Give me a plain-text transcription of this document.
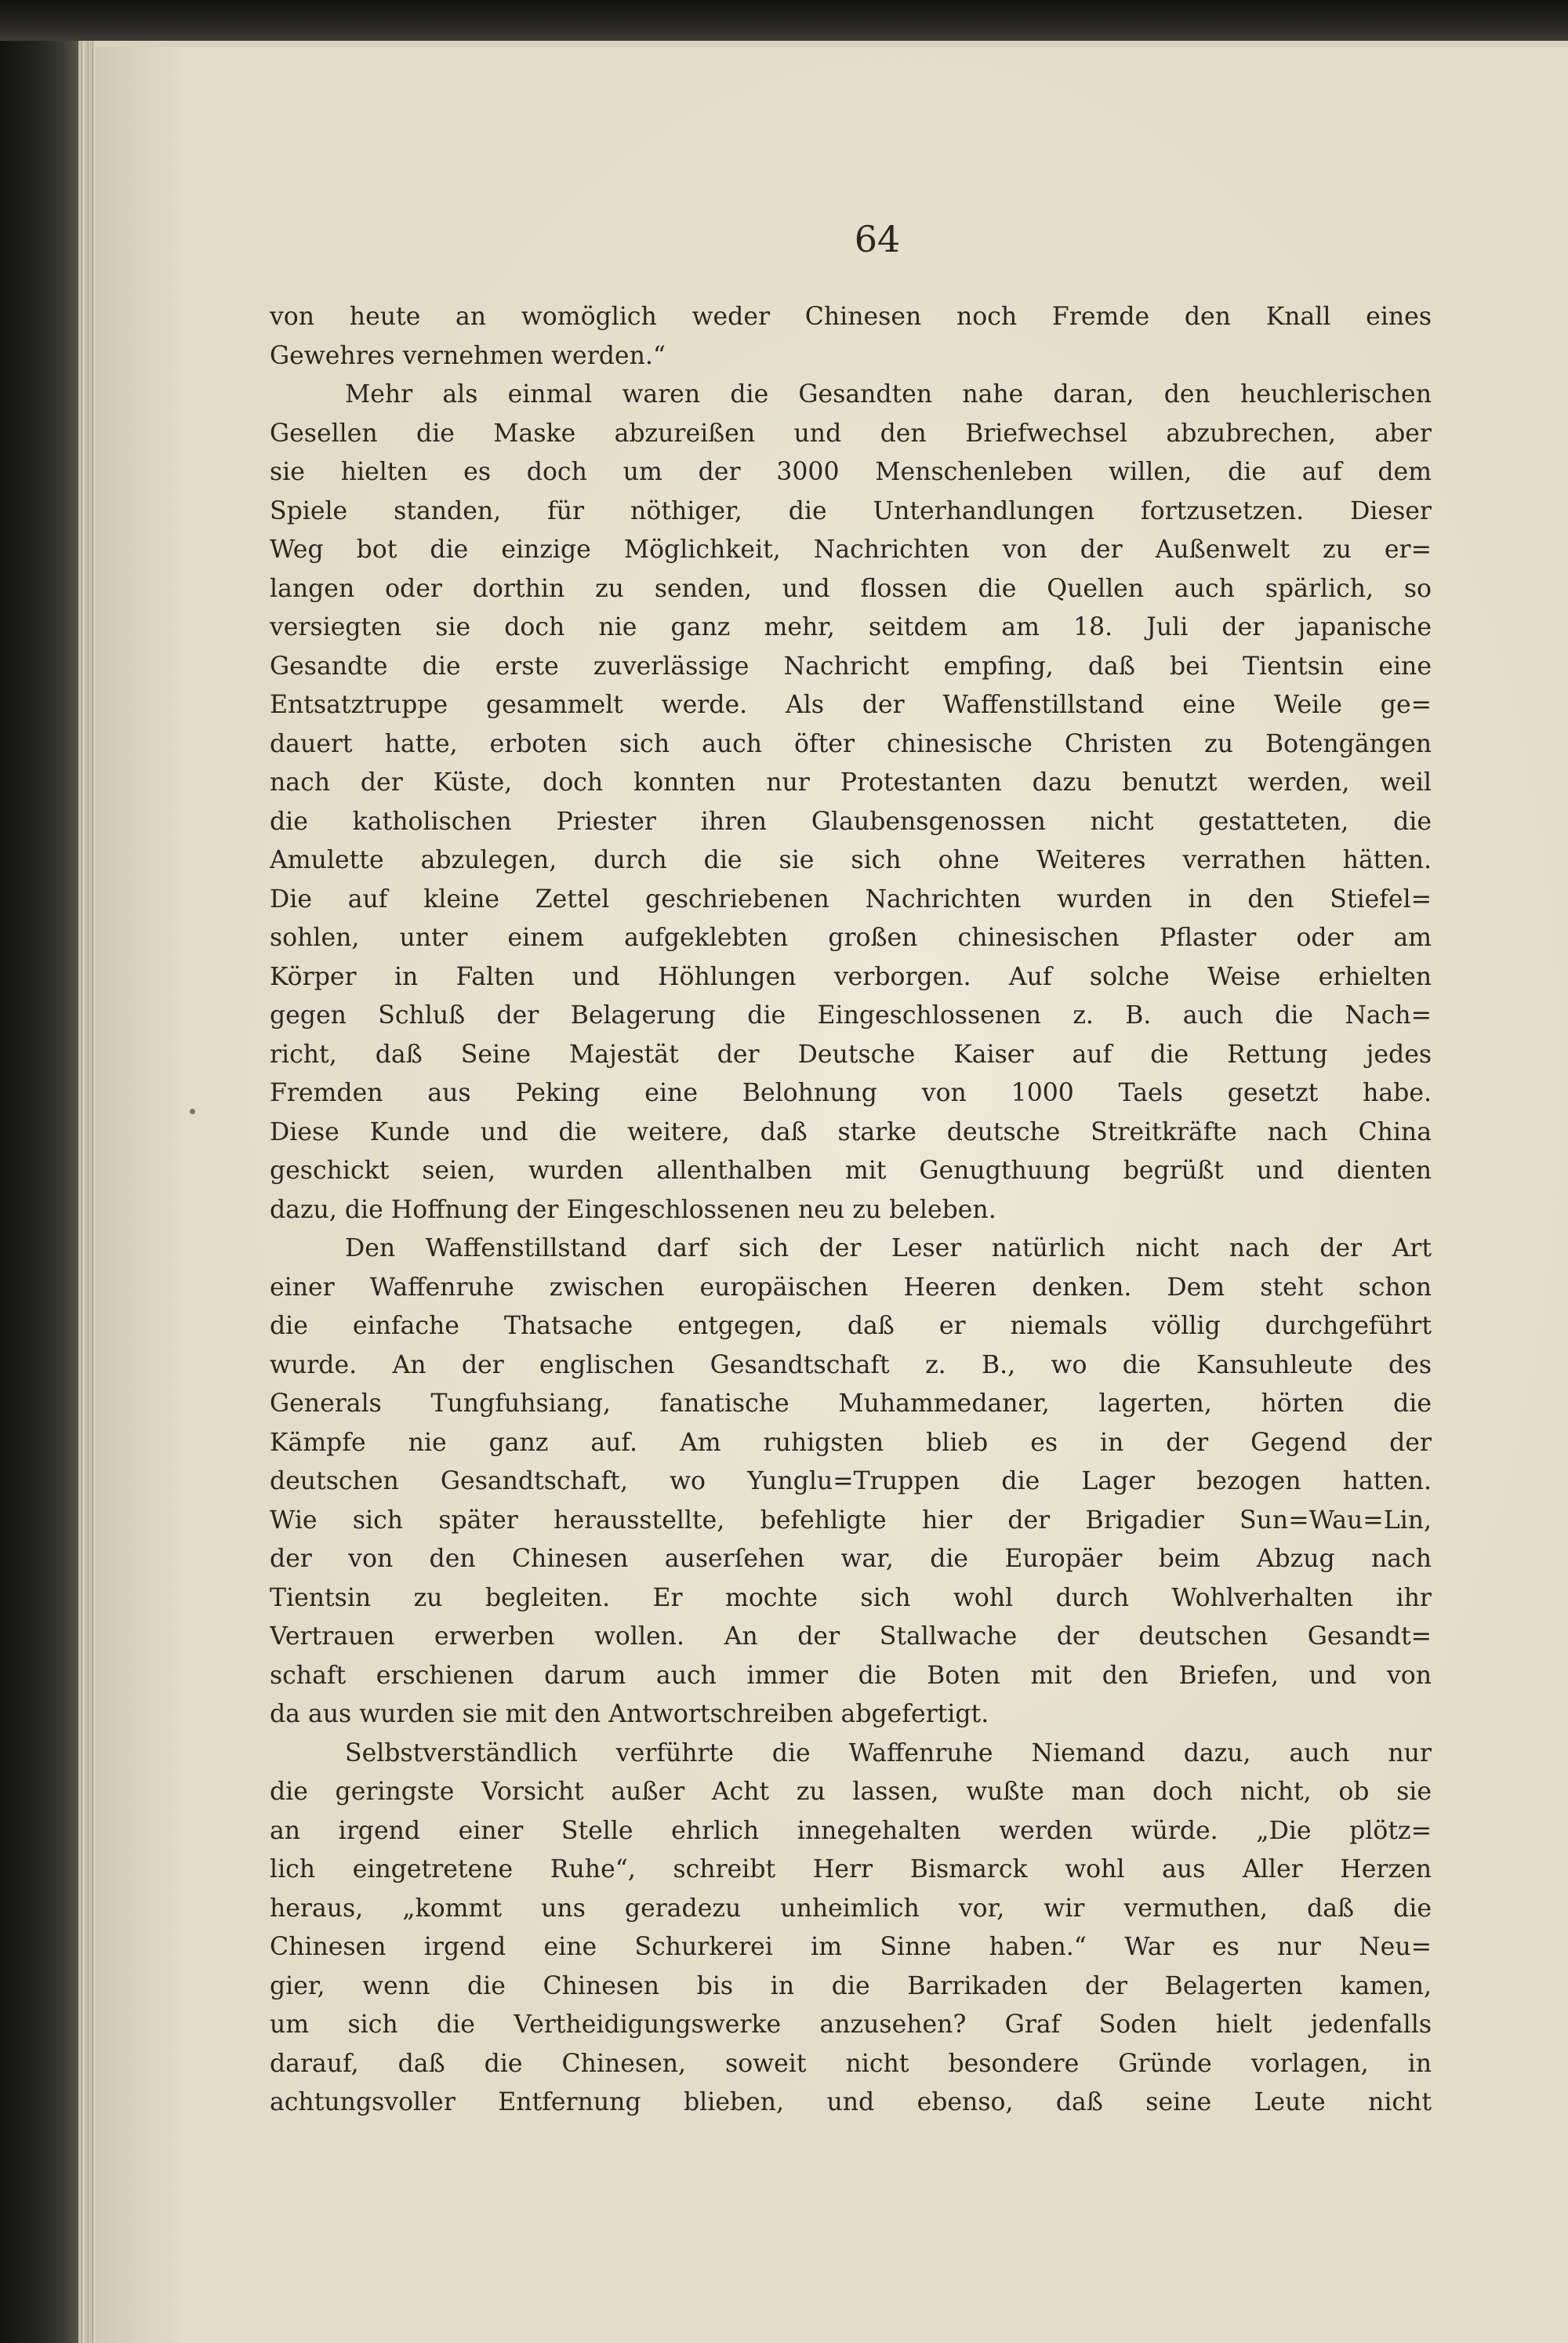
64
von heute an womöglich weder Chinesen noch Fremde den Knall eines
Gewehres vernehmen werden.“
Mehr als einmal waren die Gesandten nahe daran, den heuchlerischen
Gesellen die Maske abzureißen und den Briefwechsel abzubrechen, aber
sie hielten es doch um der 3000 Menschenleben willen, die auf dem
Spiele standen, für nöthiger, die Unterhandlungen fortzusetzen. Dieser
Weg bot die einzige Möglichkeit, Nachrichten von der Außenwelt zu er=
langen oder dorthin zu senden, und flossen die Quellen auch spärlich, so
versiegten sie doch nie ganz mehr, seitdem am 18. Juli der japanische
Gesandte die erste zuverlässige Nachricht empfing, daß bei Tientsin eine
Entsatztruppe gesammelt werde. Als der Waffenstillstand eine Weile ge=
dauert hatte, erboten sich auch öfter chinesische Christen zu Botengängen
nach der Küste, doch konnten nur Protestanten dazu benutzt werden, weil
die katholischen Priester ihren Glaubensgenossen nicht gestatteten, die
Amulette abzulegen, durch die sie sich ohne Weiteres verrathen hätten.
Die auf kleine Zettel geschriebenen Nachrichten wurden in den Stiefel=
sohlen, unter einem aufgeklebten großen chinesischen Pflaster oder am
Körper in Falten und Höhlungen verborgen. Auf solche Weise erhielten
gegen Schluß der Belagerung die Eingeschlossenen z. B. auch die Nach=
richt, daß Seine Majestät der Deutsche Kaiser auf die Rettung jedes
Fremden aus Peking eine Belohnung von 1000 Taels gesetzt habe.
Diese Kunde und die weitere, daß starke deutsche Streitkräfte nach China
geschickt seien, wurden allenthalben mit Genugthuung begrüßt und dienten
dazu, die Hoffnung der Eingeschlossenen neu zu beleben.
Den Waffenstillstand darf sich der Leser natürlich nicht nach der Art
einer Waffenruhe zwischen europäischen Heeren denken. Dem steht schon
die einfache Thatsache entgegen, daß er niemals völlig durchgeführt
wurde. An der englischen Gesandtschaft z. B., wo die Kansuhleute des
Generals Tungfuhsiang, fanatische Muhammedaner, lagerten, hörten die
Kämpfe nie ganz auf. Am ruhigsten blieb es in der Gegend der
deutschen Gesandtschaft, wo Yunglu=Truppen die Lager bezogen hatten.
Wie sich später herausstellte, befehligte hier der Brigadier Sun=Wau=Lin,
der von den Chinesen auserſehen war, die Europäer beim Abzug nach
Tientsin zu begleiten. Er mochte sich wohl durch Wohlverhalten ihr
Vertrauen erwerben wollen. An der Stallwache der deutschen Gesandt=
schaft erschienen darum auch immer die Boten mit den Briefen, und von
da aus wurden sie mit den Antwortschreiben abgefertigt.
Selbstverständlich verführte die Waffenruhe Niemand dazu, auch nur
die geringste Vorsicht außer Acht zu lassen, wußte man doch nicht, ob sie
an irgend einer Stelle ehrlich innegehalten werden würde. „Die plötz=
lich eingetretene Ruhe“, schreibt Herr Bismarck wohl aus Aller Herzen
heraus, „kommt uns geradezu unheimlich vor, wir vermuthen, daß die
Chinesen irgend eine Schurkerei im Sinne haben.“ War es nur Neu=
gier, wenn die Chinesen bis in die Barrikaden der Belagerten kamen,
um sich die Vertheidigungswerke anzusehen? Graf Soden hielt jedenfalls
darauf, daß die Chinesen, soweit nicht besondere Gründe vorlagen, in
achtungsvoller Entfernung blieben, und ebenso, daß seine Leute nicht
